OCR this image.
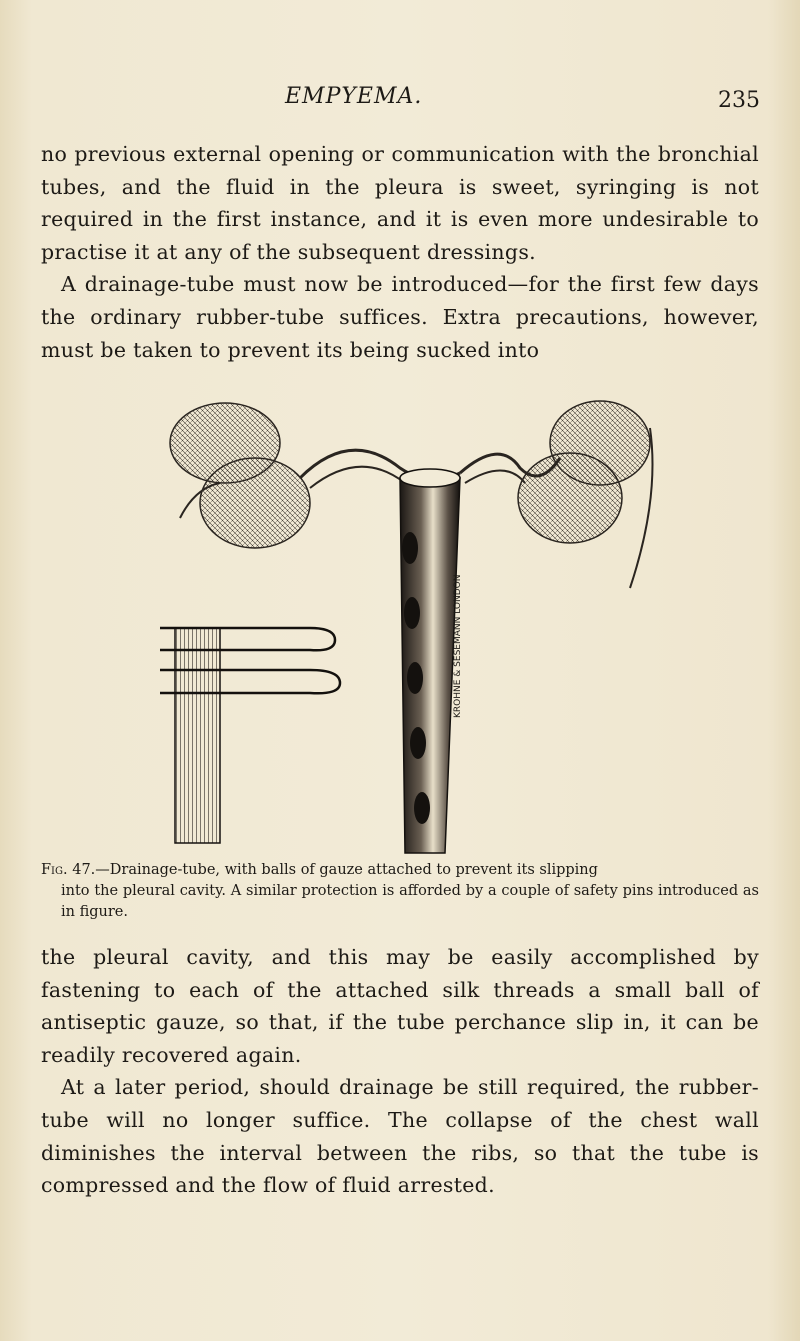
EMPYEMA.	235

no previous external opening or communication with the bronchial tubes, and the fluid in the pleura is sweet, syringing is not required in the first instance, and it is even more undesirable to practise it at any of the subsequent dressings.

A drainage-tube must now be introduced—for the first few days the ordinary rubber-tube suffices. Extra precautions, however, must be taken to prevent its being sucked into

KROHNE & SESEMANN LONDON
Fig. 47.—Drainage-tube, with balls of gauze attached to prevent its slipping
into the pleural cavity. A similar protection is afforded by a couple of safety pins introduced as in figure.

the pleural cavity, and this may be easily accomplished by fastening to each of the attached silk threads a small ball of antiseptic gauze, so that, if the tube perchance slip in, it can be readily recovered again.

At a later period, should drainage be still required, the rubber-tube will no longer suffice. The collapse of the chest wall diminishes the interval between the ribs, so that the tube is compressed and the flow of fluid arrested.
